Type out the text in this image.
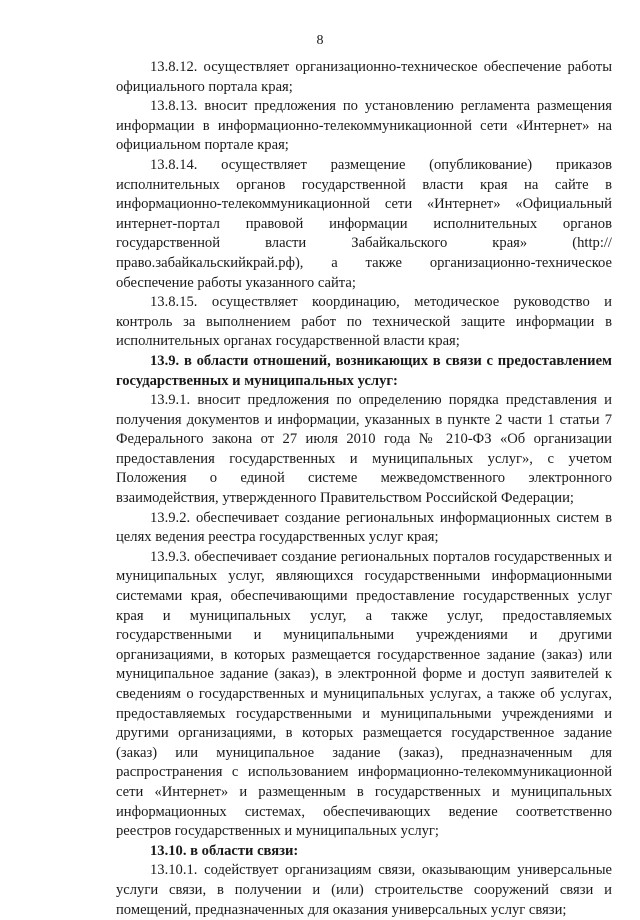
8

13.8.12. осуществляет организационно-техническое обеспечение работы официального портала края;

13.8.13. вносит предложения по установлению регламента размещения информации в информационно-телекоммуникационной сети «Интернет» на официальном портале края;

13.8.14. осуществляет размещение (опубликование) приказов исполнительных органов государственной власти края на сайте в информационно-телекоммуникационной сети «Интернет» «Официальный интернет-портал правовой информации исполнительных органов государственной власти Забайкальского края» (http://право.забайкальскийкрай.рф), а также организационно-техническое обеспечение работы указанного сайта;

13.8.15. осуществляет координацию, методическое руководство и контроль за выполнением работ по технической защите информации в исполнительных органах государственной власти края;

13.9. в области отношений, возникающих в связи с предоставлением государственных и муниципальных услуг:

13.9.1. вносит предложения по определению порядка представления и получения документов и информации, указанных в пункте 2 части 1 статьи 7 Федерального закона от 27 июля 2010 года № 210-ФЗ «Об организации предоставления государственных и муниципальных услуг», с учетом Положения о единой системе межведомственного электронного взаимодействия, утвержденного Правительством Российской Федерации;

13.9.2. обеспечивает создание региональных информационных систем в целях ведения реестра государственных услуг края;

13.9.3. обеспечивает создание региональных порталов государственных и муниципальных услуг, являющихся государственными информационными системами края, обеспечивающими предоставление государственных услуг края и муниципальных услуг, а также услуг, предоставляемых государственными и муниципальными учреждениями и другими организациями, в которых размещается государственное задание (заказ) или муниципальное задание (заказ), в электронной форме и доступ заявителей к сведениям о государственных и муниципальных услугах, а также об услугах, предоставляемых государственными и муниципальными учреждениями и другими организациями, в которых размещается государственное задание (заказ) или муниципальное задание (заказ), предназначенным для распространения с использованием информационно-телекоммуникационной сети «Интернет» и размещенным в государственных и муниципальных информационных системах, обеспечивающих ведение соответственно реестров государственных и муниципальных услуг;

13.10. в области связи:

13.10.1. содействует организациям связи, оказывающим универсальные услуги связи, в получении и (или) строительстве сооружений связи и помещений, предназначенных для оказания универсальных услуг связи;
